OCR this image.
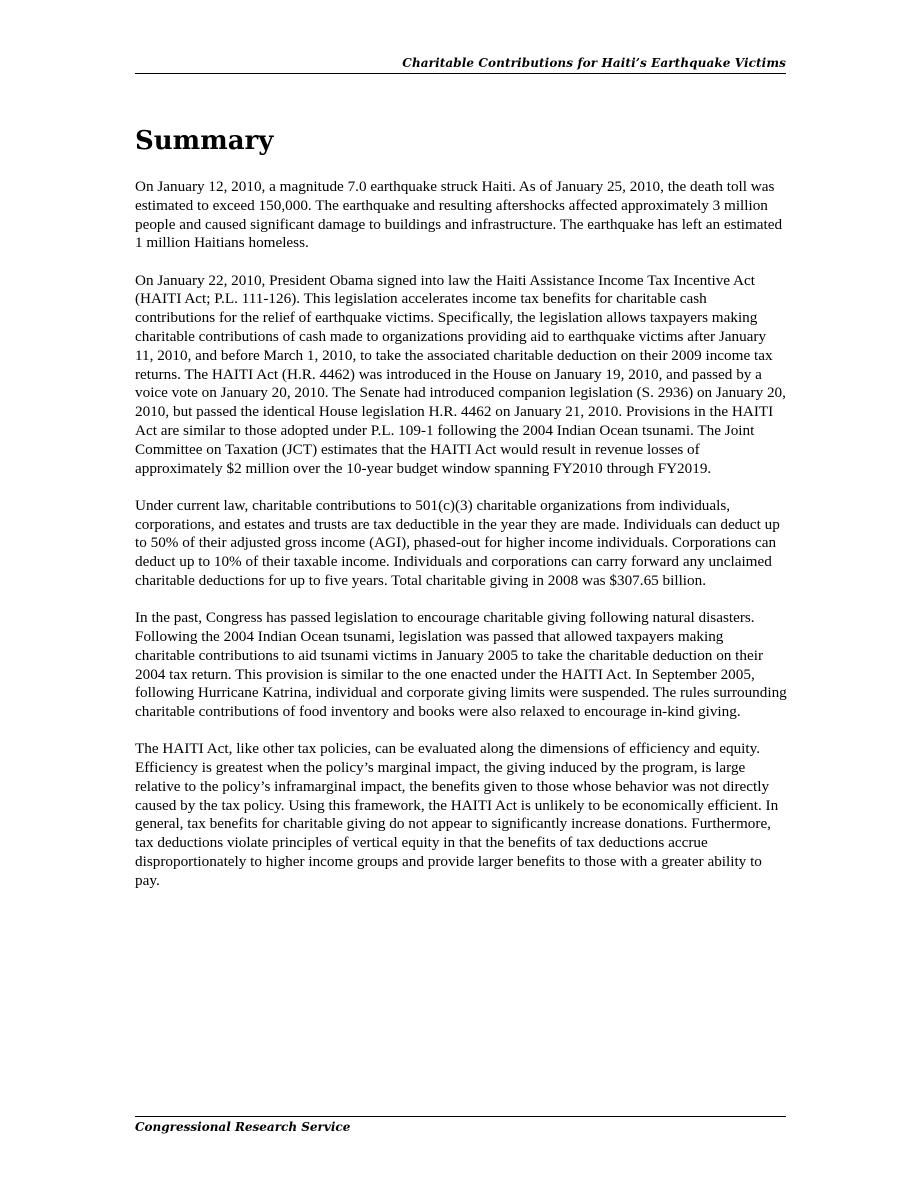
Charitable Contributions for Haiti’s Earthquake Victims
Summary

On January 12, 2010, a magnitude 7.0 earthquake struck Haiti. As of January 25, 2010, the death toll was estimated to exceed 150,000. The earthquake and resulting aftershocks affected approximately 3 million people and caused significant damage to buildings and infrastructure. The earthquake has left an estimated 1 million Haitians homeless.

On January 22, 2010, President Obama signed into law the Haiti Assistance Income Tax Incentive Act (HAITI Act; P.L. 111-126). This legislation accelerates income tax benefits for charitable cash contributions for the relief of earthquake victims. Specifically, the legislation allows taxpayers making charitable contributions of cash made to organizations providing aid to earthquake victims after January 11, 2010, and before March 1, 2010, to take the associated charitable deduction on their 2009 income tax returns. The HAITI Act (H.R. 4462) was introduced in the House on January 19, 2010, and passed by a voice vote on January 20, 2010. The Senate had introduced companion legislation (S. 2936) on January 20, 2010, but passed the identical House legislation H.R. 4462 on January 21, 2010. Provisions in the HAITI Act are similar to those adopted under P.L. 109-1 following the 2004 Indian Ocean tsunami. The Joint Committee on Taxation (JCT) estimates that the HAITI Act would result in revenue losses of approximately $2 million over the 10-year budget window spanning FY2010 through FY2019.

Under current law, charitable contributions to 501(c)(3) charitable organizations from individuals, corporations, and estates and trusts are tax deductible in the year they are made. Individuals can deduct up to 50% of their adjusted gross income (AGI), phased-out for higher income individuals. Corporations can deduct up to 10% of their taxable income. Individuals and corporations can carry forward any unclaimed charitable deductions for up to five years. Total charitable giving in 2008 was $307.65 billion.

In the past, Congress has passed legislation to encourage charitable giving following natural disasters. Following the 2004 Indian Ocean tsunami, legislation was passed that allowed taxpayers making charitable contributions to aid tsunami victims in January 2005 to take the charitable deduction on their 2004 tax return. This provision is similar to the one enacted under the HAITI Act. In September 2005, following Hurricane Katrina, individual and corporate giving limits were suspended. The rules surrounding charitable contributions of food inventory and books were also relaxed to encourage in-kind giving.

The HAITI Act, like other tax policies, can be evaluated along the dimensions of efficiency and equity. Efficiency is greatest when the policy’s marginal impact, the giving induced by the program, is large relative to the policy’s inframarginal impact, the benefits given to those whose behavior was not directly caused by the tax policy. Using this framework, the HAITI Act is unlikely to be economically efficient. In general, tax benefits for charitable giving do not appear to significantly increase donations. Furthermore, tax deductions violate principles of vertical equity in that the benefits of tax deductions accrue disproportionately to higher income groups and provide larger benefits to those with a greater ability to pay.

Congressional Research Service
